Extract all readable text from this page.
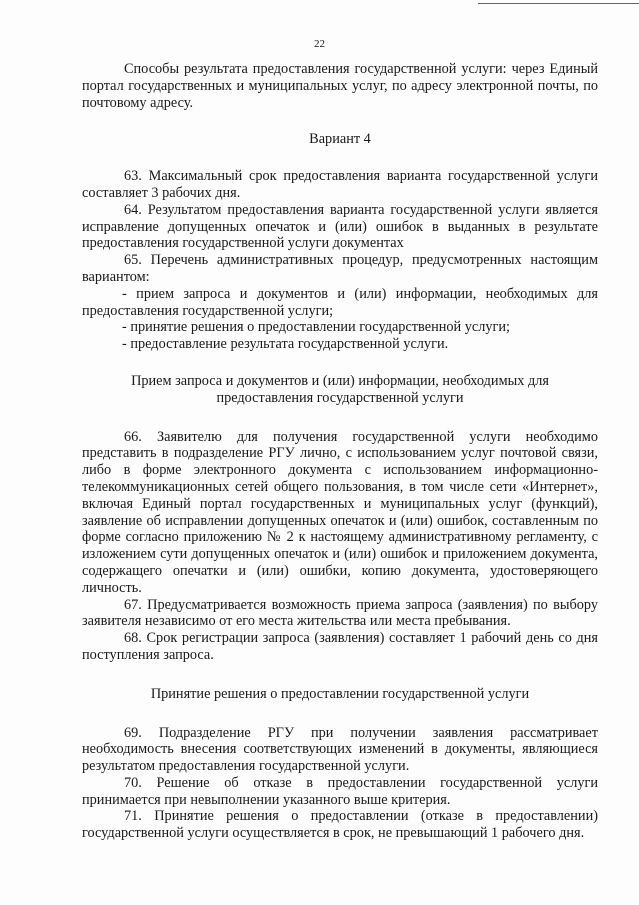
22

Способы результата предоставления государственной услуги: через Единый портал государственных и муниципальных услуг, по адресу электронной почты, по почтовому адресу.

Вариант 4

63. Максимальный срок предоставления варианта государственной услуги составляет 3 рабочих дня.

64. Результатом предоставления варианта государственной услуги является исправление допущенных опечаток и (или) ошибок в выданных в результате предоставления государственной услуги документах

65. Перечень административных процедур, предусмотренных настоящим вариантом:

- прием запроса и документов и (или) информации, необходимых для предоставления государственной услуги;

- принятие решения о предоставлении государственной услуги;

- предоставление результата государственной услуги.

Прием запроса и документов и (или) информации, необходимых для предоставления государственной услуги

66. Заявителю для получения государственной услуги необходимо представить в подразделение РГУ лично, с использованием услуг почтовой связи, либо в форме электронного документа с использованием информационно-телекоммуникационных сетей общего пользования, в том числе сети «Интернет», включая Единый портал государственных и муниципальных услуг (функций), заявление об исправлении допущенных опечаток и (или) ошибок, составленным по форме согласно приложению № 2 к настоящему административному регламенту, с изложением сути допущенных опечаток и (или) ошибок и приложением документа, содержащего опечатки и (или) ошибки, копию документа, удостоверяющего личность.

67. Предусматривается возможность приема запроса (заявления) по выбору заявителя независимо от его места жительства или места пребывания.

68. Срок регистрации запроса (заявления) составляет 1 рабочий день со дня поступления запроса.

Принятие решения о предоставлении государственной услуги

69. Подразделение РГУ при получении заявления рассматривает необходимость внесения соответствующих изменений в документы, являющиеся результатом предоставления государственной услуги.

70. Решение об отказе в предоставлении государственной услуги принимается при невыполнении указанного выше критерия.

71. Принятие решения о предоставлении (отказе в предоставлении) государственной услуги осуществляется в срок, не превышающий 1 рабочего дня.
